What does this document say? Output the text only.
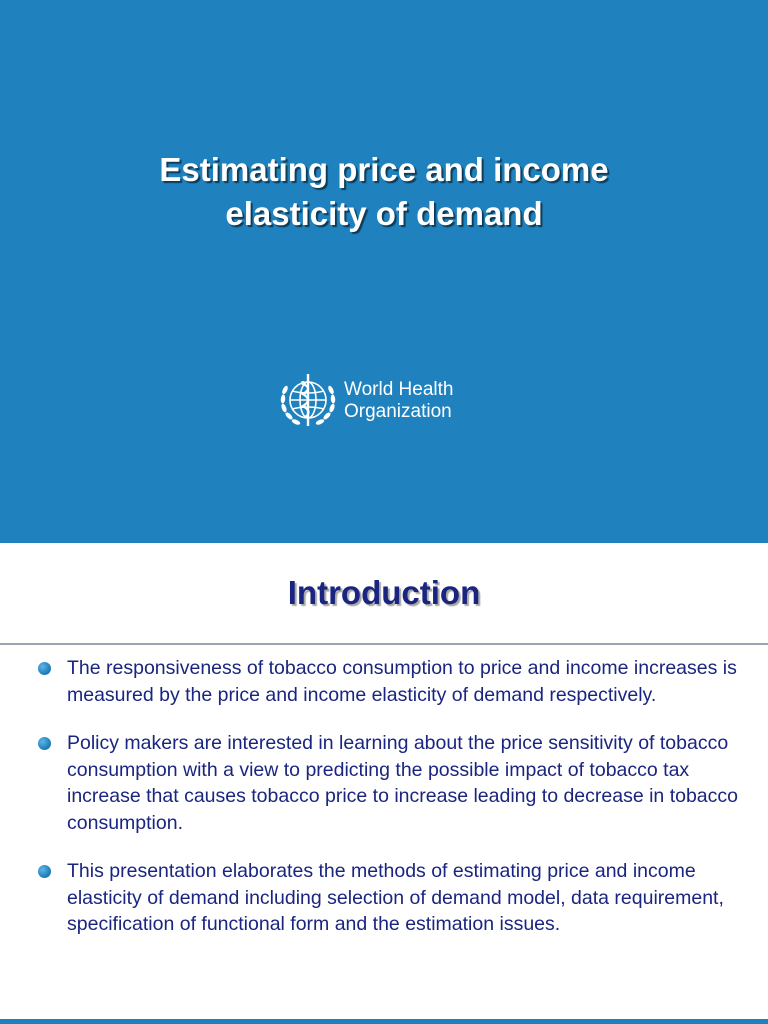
Estimating price and income
elasticity of demand
World Health
Organization
Introduction
The responsiveness of tobacco consumption to price and income increases is measured by the price and income elasticity of demand respectively.
Policy makers are interested in learning about the price sensitivity of tobacco consumption with a view to predicting the possible impact of tobacco tax increase that causes tobacco price to increase leading to decrease in tobacco consumption.
This presentation elaborates the methods of estimating price and income elasticity of demand including selection of demand model, data requirement, specification of functional form and the estimation issues.
